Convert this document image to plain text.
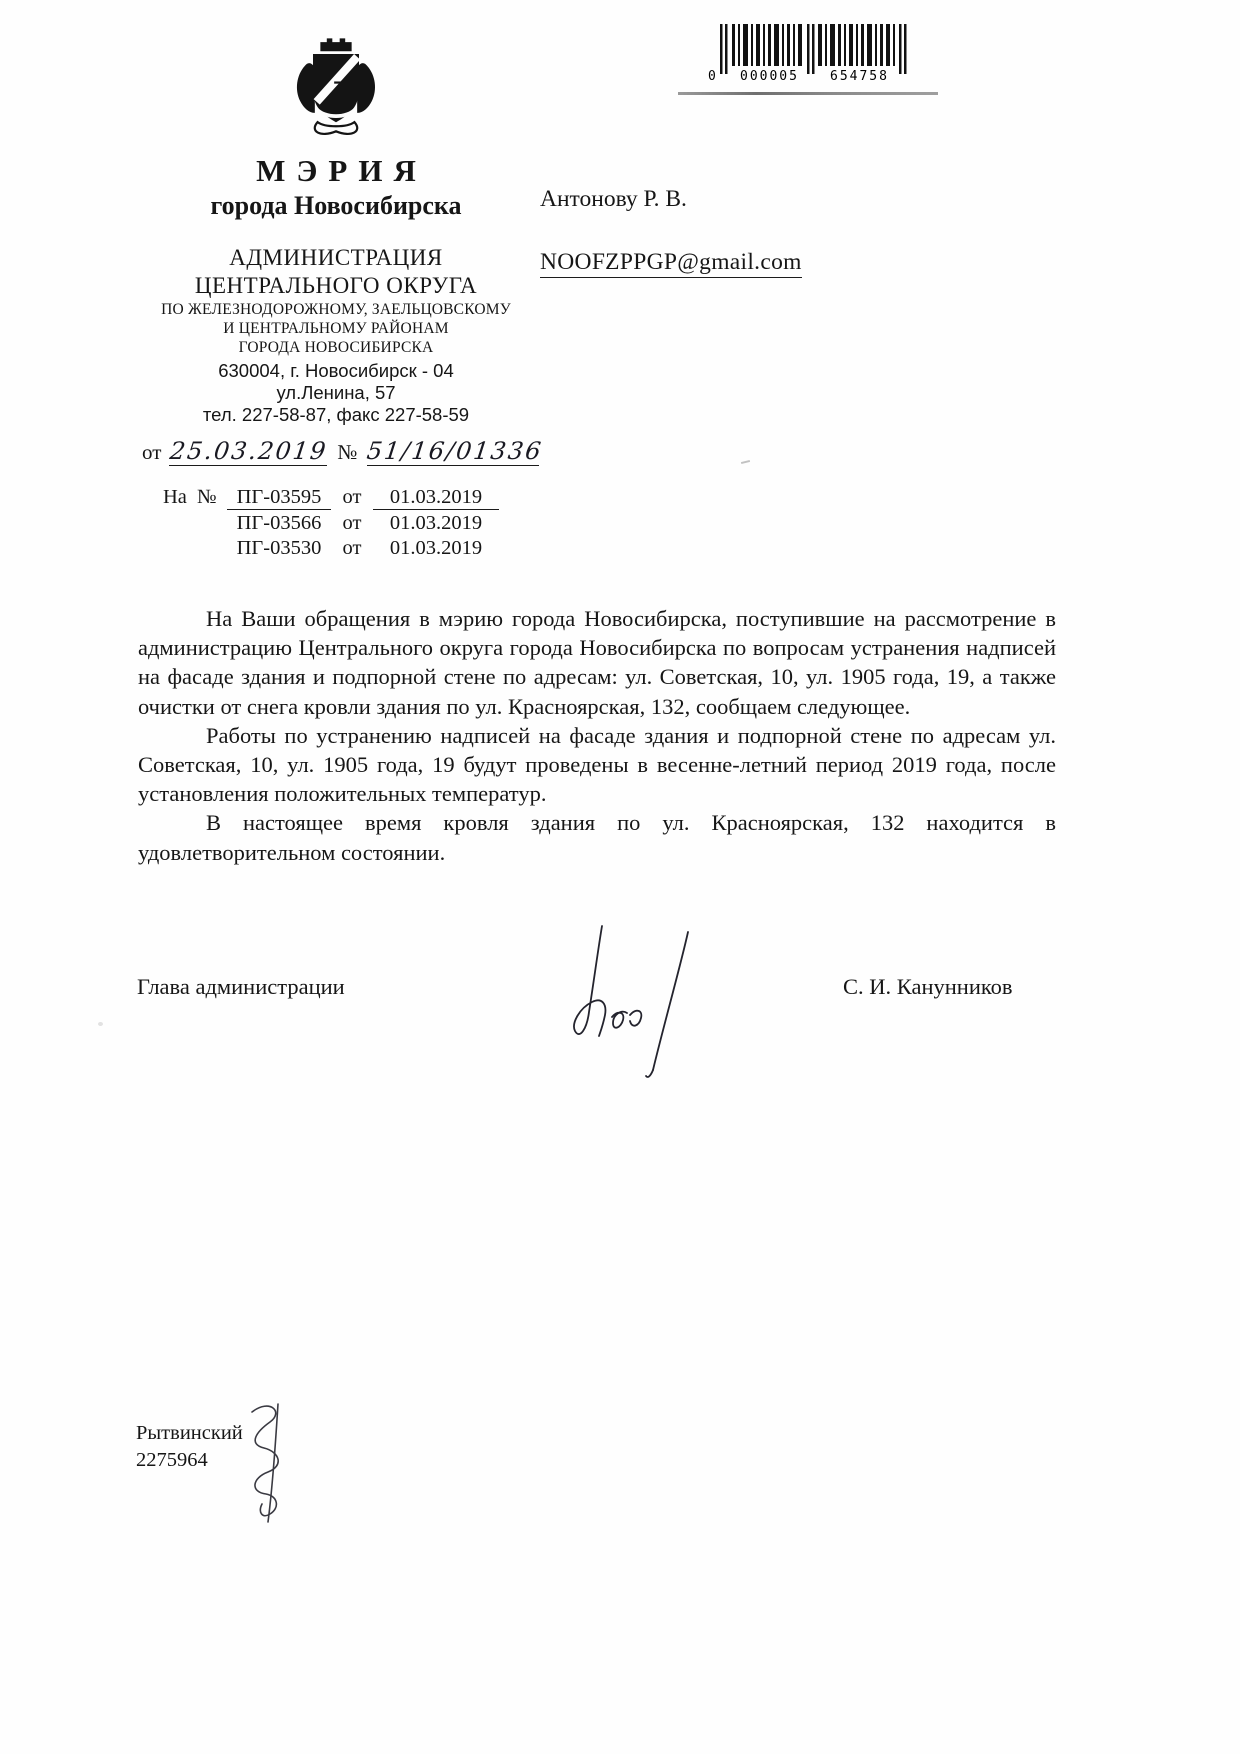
МЭРИЯ
города Новосибирска
АДМИНИСТРАЦИЯ
ЦЕНТРАЛЬНОГО ОКРУГА
ПО ЖЕЛЕЗНОДОРОЖНОМУ, ЗАЕЛЬЦОВСКОМУ
И ЦЕНТРАЛЬНОМУ РАЙОНАМ
ГОРОДА НОВОСИБИРСКА
630004, г. Новосибирск - 04
ул.Ленина, 57
тел. 227-58-87, факс 227-58-59
0 000005 654758
Антонову Р. В.
NOOFZPPGP@gmail.com
от 25.03.2019 № 51/16/01336
На № ПГ-03595 от 01.03.2019
ПГ-03566 от 01.03.2019
ПГ-03530 от 01.03.2019

На Ваши обращения в мэрию города Новосибирска, поступившие на рассмотрение в администрацию Центрального округа города Новосибирска по вопросам устранения надписей на фасаде здания и подпорной стене по адресам: ул. Советская, 10, ул. 1905 года, 19, а также очистки от снега кровли здания по ул. Красноярская, 132, сообщаем следующее.

Работы по устранению надписей на фасаде здания и подпорной стене по адресам ул. Советская, 10, ул. 1905 года, 19 будут проведены в весенне-летний период 2019 года, после установления положительных температур.

В настоящее время кровля здания по ул. Красноярская, 132 находится в удовлетворительном состоянии.

Глава администрации	С. И. Канунников
Рытвинский
2275964
